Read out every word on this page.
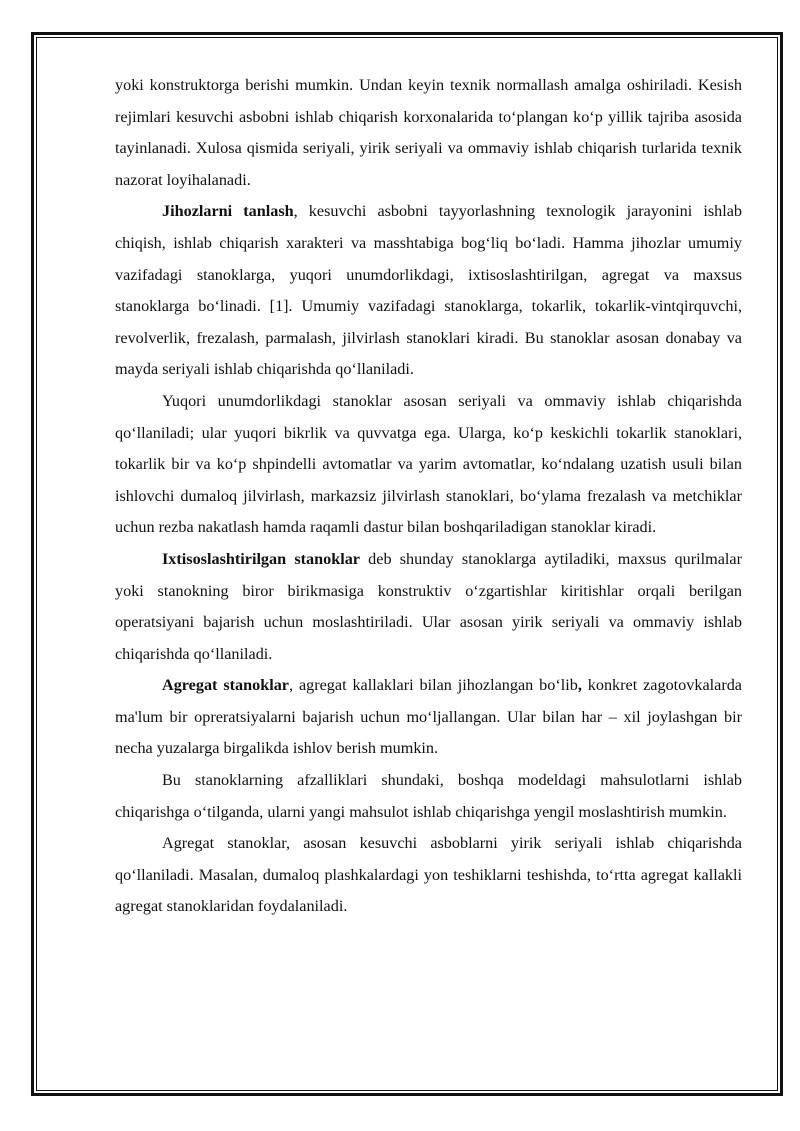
yoki konstruktorga berishi mumkin. Undan keyin texnik normallash amalga oshiriladi. Kesish rejimlari kesuvchi asbobni ishlab chiqarish korxonalarida to‘plangan ko‘p yillik tajriba asosida tayinlanadi. Xulosa qismida seriyali, yirik seriyali va ommaviy ishlab chiqarish turlarida texnik nazorat loyihalanadi.

Jihozlarni tanlash, kesuvchi asbobni tayyorlashning texnologik jarayonini ishlab chiqish, ishlab chiqarish xarakteri va masshtabiga bog‘liq bo‘ladi. Hamma jihozlar umumiy vazifadagi stanoklarga, yuqori unumdorlikdagi, ixtisoslashtirilgan, agregat va maxsus stanoklarga bo‘linadi. [1]. Umumiy vazifadagi stanoklarga, tokarlik, tokarlik-vintqirquvchi, revolverlik, frezalash, parmalash, jilvirlash stanoklari kiradi. Bu stanoklar asosan donabay va mayda seriyali ishlab chiqarishda qo‘llaniladi.

Yuqori unumdorlikdagi stanoklar asosan seriyali va ommaviy ishlab chiqarishda qo‘llaniladi; ular yuqori bikrlik va quvvatga ega. Ularga, ko‘p keskichli tokarlik stanoklari, tokarlik bir va ko‘p shpindelli avtomatlar va yarim avtomatlar, ko‘ndalang uzatish usuli bilan ishlovchi dumaloq jilvirlash, markazsiz jilvirlash stanoklari, bo‘ylama frezalash va metchiklar uchun rezba nakatlash hamda raqamli dastur bilan boshqariladigan stanoklar kiradi.

Ixtisoslashtirilgan stanoklar deb shunday stanoklarga aytiladiki, maxsus qurilmalar yoki stanokning biror birikmasiga konstruktiv o‘zgartishlar kiritishlar orqali berilgan operatsiyani bajarish uchun moslashtiriladi. Ular asosan yirik seriyali va ommaviy ishlab chiqarishda qo‘llaniladi.

Agregat stanoklar, agregat kallaklari bilan jihozlangan bo‘lib, konkret zagotovkalarda ma'lum bir opreratsiyalarni bajarish uchun mo‘ljallangan. Ular bilan har – xil joylashgan bir necha yuzalarga birgalikda ishlov berish mumkin.

Bu stanoklarning afzalliklari shundaki, boshqa modeldagi mahsulotlarni ishlab chiqarishga o‘tilganda, ularni yangi mahsulot ishlab chiqarishga yengil moslashtirish mumkin.

Agregat stanoklar, asosan kesuvchi asboblarni yirik seriyali ishlab chiqarishda qo‘llaniladi. Masalan, dumaloq plashkalardagi yon teshiklarni teshishda, to‘rtta agregat kallakli agregat stanoklaridan foydalaniladi.
